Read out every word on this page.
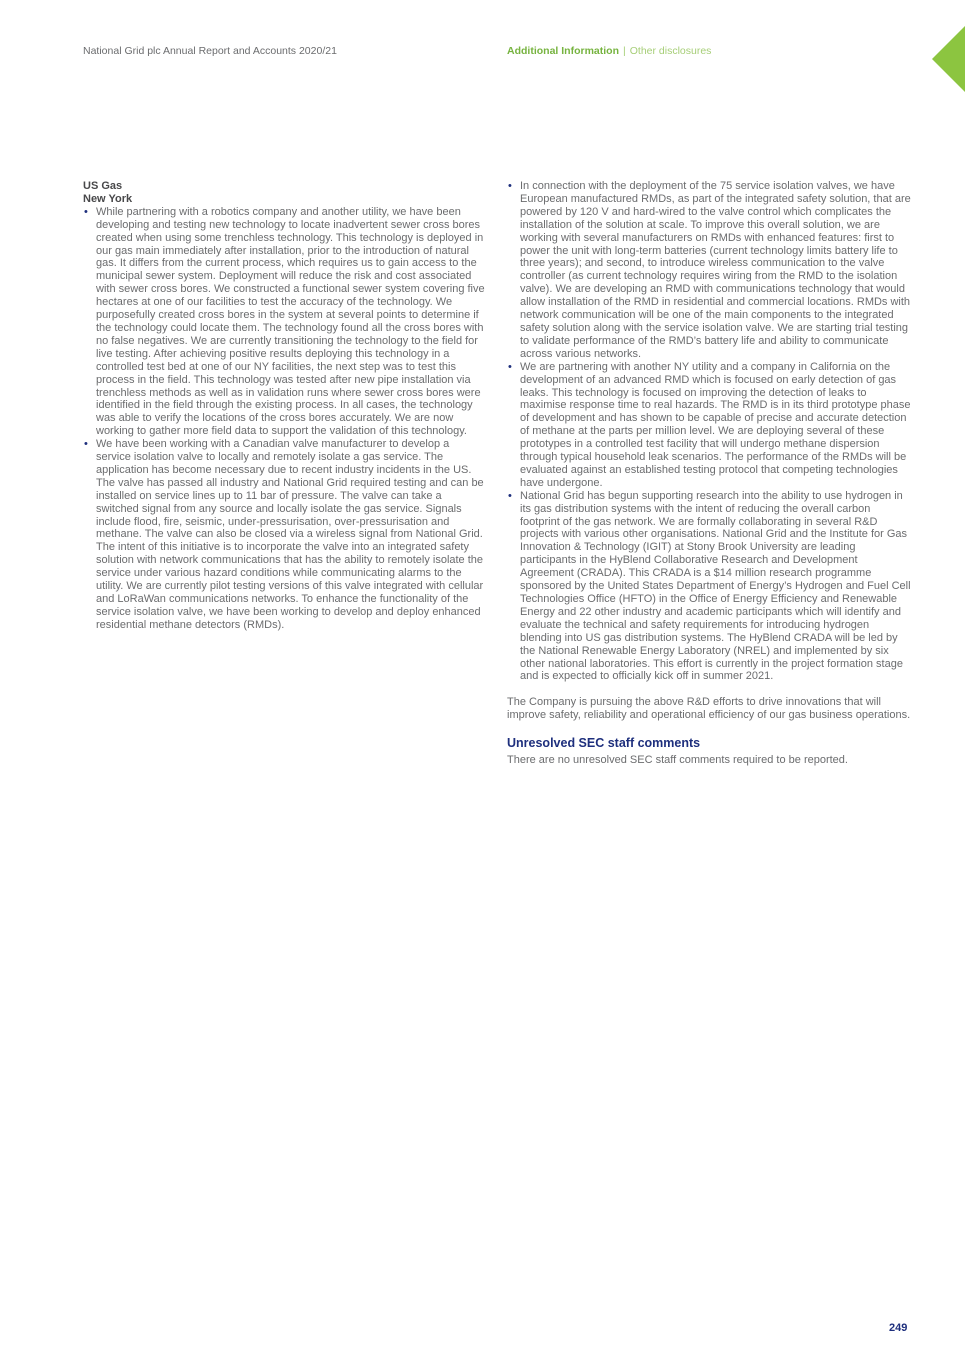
National Grid plc Annual Report and Accounts 2020/21	Additional Information | Other disclosures
US Gas
New York
• While partnering with a robotics company and another utility, we have been developing and testing new technology to locate inadvertent sewer cross bores created when using some trenchless technology. This technology is deployed in our gas main immediately after installation, prior to the introduction of natural gas. It differs from the current process, which requires us to gain access to the municipal sewer system. Deployment will reduce the risk and cost associated with sewer cross bores. We constructed a functional sewer system covering five hectares at one of our facilities to test the accuracy of the technology. We purposefully created cross bores in the system at several points to determine if the technology could locate them. The technology found all the cross bores with no false negatives. We are currently transitioning the technology to the field for live testing. After achieving positive results deploying this technology in a controlled test bed at one of our NY facilities, the next step was to test this process in the field. This technology was tested after new pipe installation via trenchless methods as well as in validation runs where sewer cross bores were identified in the field through the existing process. In all cases, the technology was able to verify the locations of the cross bores accurately. We are now working to gather more field data to support the validation of this technology.
• We have been working with a Canadian valve manufacturer to develop a service isolation valve to locally and remotely isolate a gas service. The application has become necessary due to recent industry incidents in the US. The valve has passed all industry and National Grid required testing and can be installed on service lines up to 11 bar of pressure. The valve can take a switched signal from any source and locally isolate the gas service. Signals include flood, fire, seismic, under-pressurisation, over-pressurisation and methane. The valve can also be closed via a wireless signal from National Grid. The intent of this initiative is to incorporate the valve into an integrated safety solution with network communications that has the ability to remotely isolate the service under various hazard conditions while communicating alarms to the utility. We are currently pilot testing versions of this valve integrated with cellular and LoRaWan communications networks. To enhance the functionality of the service isolation valve, we have been working to develop and deploy enhanced residential methane detectors (RMDs).
• In connection with the deployment of the 75 service isolation valves, we have European manufactured RMDs, as part of the integrated safety solution, that are powered by 120 V and hard-wired to the valve control which complicates the installation of the solution at scale. To improve this overall solution, we are working with several manufacturers on RMDs with enhanced features: first to power the unit with long-term batteries (current technology limits battery life to three years); and second, to introduce wireless communication to the valve controller (as current technology requires wiring from the RMD to the isolation valve). We are developing an RMD with communications technology that would allow installation of the RMD in residential and commercial locations. RMDs with network communication will be one of the main components to the integrated safety solution along with the service isolation valve. We are starting trial testing to validate performance of the RMD’s battery life and ability to communicate across various networks.
• We are partnering with another NY utility and a company in California on the development of an advanced RMD which is focused on early detection of gas leaks. This technology is focused on improving the detection of leaks to maximise response time to real hazards. The RMD is in its third prototype phase of development and has shown to be capable of precise and accurate detection of methane at the parts per million level. We are deploying several of these prototypes in a controlled test facility that will undergo methane dispersion through typical household leak scenarios. The performance of the RMDs will be evaluated against an established testing protocol that competing technologies have undergone.
• National Grid has begun supporting research into the ability to use hydrogen in its gas distribution systems with the intent of reducing the overall carbon footprint of the gas network. We are formally collaborating in several R&D projects with various other organisations. National Grid and the Institute for Gas Innovation & Technology (IGIT) at Stony Brook University are leading participants in the HyBlend Collaborative Research and Development Agreement (CRADA). This CRADA is a $14 million research programme sponsored by the United States Department of Energy’s Hydrogen and Fuel Cell Technologies Office (HFTO) in the Office of Energy Efficiency and Renewable Energy and 22 other industry and academic participants which will identify and evaluate the technical and safety requirements for introducing hydrogen blending into US gas distribution systems. The HyBlend CRADA will be led by the National Renewable Energy Laboratory (NREL) and implemented by six other national laboratories. This effort is currently in the project formation stage and is expected to officially kick off in summer 2021.

The Company is pursuing the above R&D efforts to drive innovations that will improve safety, reliability and operational efficiency of our gas business operations.

Unresolved SEC staff comments

There are no unresolved SEC staff comments required to be reported.

249
